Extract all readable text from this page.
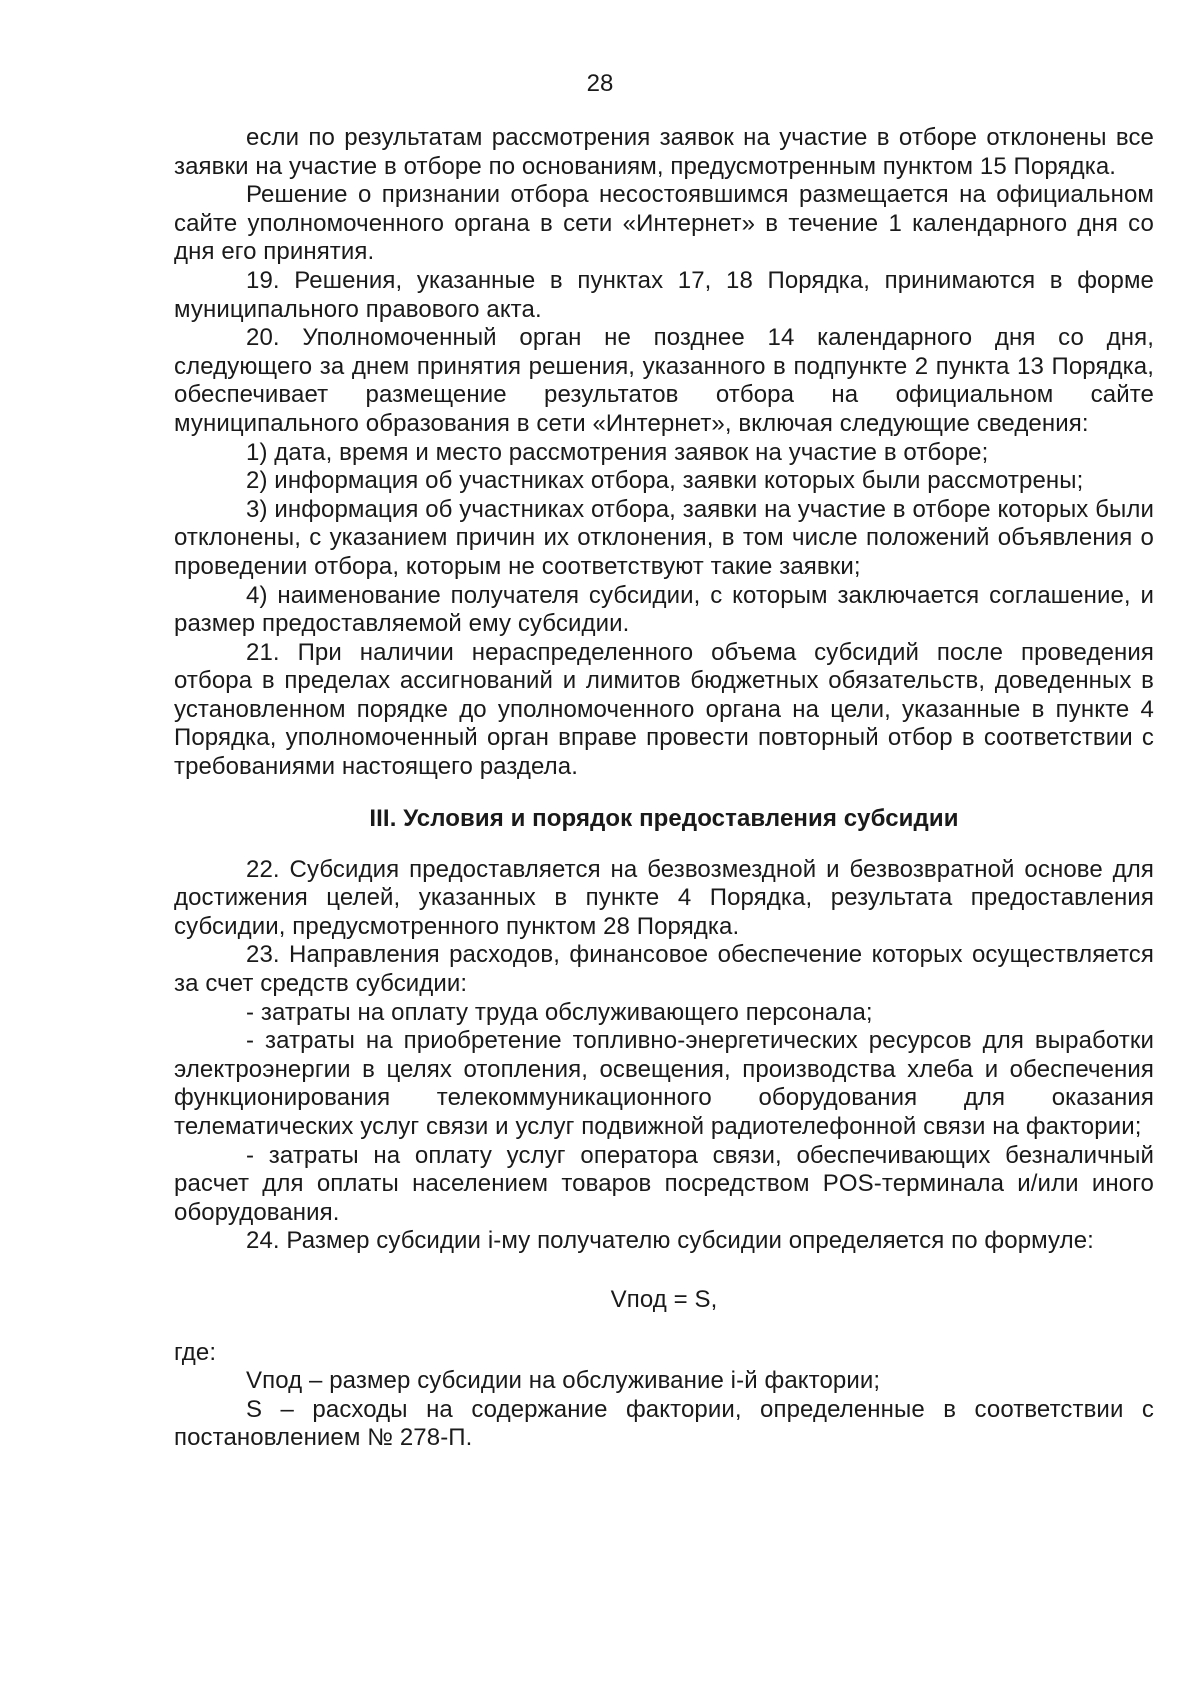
28

если по результатам рассмотрения заявок на участие в отборе отклонены все заявки на участие в отборе по основаниям, предусмотренным пунктом 15 Порядка.

Решение о признании отбора несостоявшимся размещается на официальном сайте уполномоченного органа в сети «Интернет» в течение 1 календарного дня со дня его принятия.

19. Решения, указанные в пунктах 17, 18 Порядка, принимаются в форме муниципального правового акта.

20. Уполномоченный орган не позднее 14 календарного дня со дня, следующего за днем принятия решения, указанного в подпункте 2 пункта 13 Порядка, обеспечивает размещение результатов отбора на официальном сайте муниципального образования в сети «Интернет», включая следующие сведения:

1) дата, время и место рассмотрения заявок на участие в отборе;

2) информация об участниках отбора, заявки которых были рассмотрены;

3) информация об участниках отбора, заявки на участие в отборе которых были отклонены, с указанием причин их отклонения, в том числе положений объявления о проведении отбора, которым не соответствуют такие заявки;

4) наименование получателя субсидии, с которым заключается соглашение, и размер предоставляемой ему субсидии.

21. При наличии нераспределенного объема субсидий после проведения отбора в пределах ассигнований и лимитов бюджетных обязательств, доведенных в установленном порядке до уполномоченного органа на цели, указанные в пункте 4 Порядка, уполномоченный орган вправе провести повторный отбор в соответствии с требованиями настоящего раздела.

III. Условия и порядок предоставления субсидии

22. Субсидия предоставляется на безвозмездной и безвозвратной основе для достижения целей, указанных в пункте 4 Порядка, результата предоставления субсидии, предусмотренного пунктом 28 Порядка.

23. Направления расходов, финансовое обеспечение которых осуществляется за счет средств субсидии:

- затраты на оплату труда обслуживающего персонала;

- затраты на приобретение топливно-энергетических ресурсов для выработки электроэнергии в целях отопления, освещения, производства хлеба и обеспечения функционирования телекоммуникационного оборудования для оказания телематических услуг связи и услуг подвижной радиотелефонной связи на фактории;

- затраты на оплату услуг оператора связи, обеспечивающих безналичный расчет для оплаты населением товаров посредством POS-терминала и/или иного оборудования.

24. Размер субсидии i-му получателю субсидии определяется по формуле:

Vпод = S,

где:

Vпод – размер субсидии на обслуживание i-й фактории;

S – расходы на содержание фактории, определенные в соответствии с постановлением № 278-П.
